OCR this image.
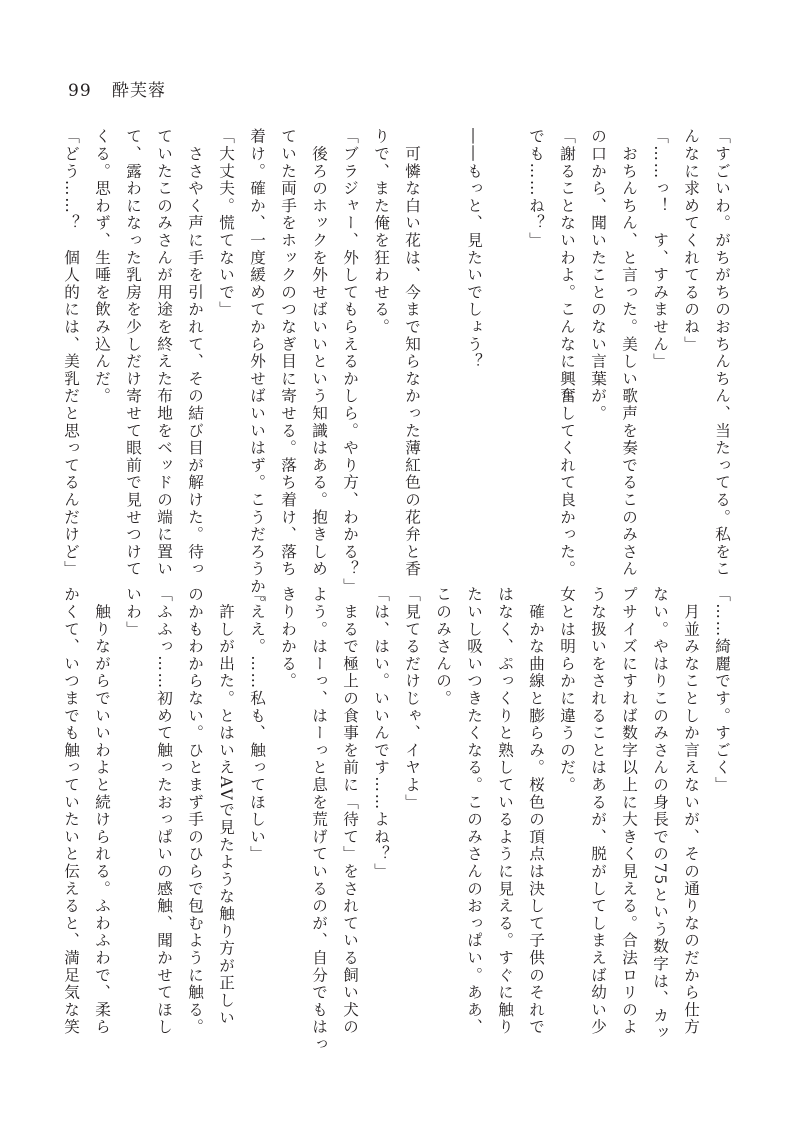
99 酔芙蓉
「すごいわ。がちがちのおちんちん、当たってる。私をこ
んなに求めてくれてるのね」
「……っ！　す、すみません」
　おちんちん、と言った。美しい歌声を奏でるこのみさん
の口から、聞いたことのない言葉が。
「謝ることないわよ。こんなに興奮してくれて良かった。
でも……ね？」

――もっと、見たいでしょう？

　可憐な白い花は、今まで知らなかった薄紅色の花弁と香
りで、また俺を狂わせる。
「ブラジャー、外してもらえるかしら。やり方、わかる？」
　後ろのホックを外せばいいという知識はある。抱きしめ
ていた両手をホックのつなぎ目に寄せる。落ち着け、落ち
着け。確か、一度緩めてから外せばいいはず。こうだろうか。
「大丈夫。慌てないで」
　ささやく声に手を引かれて、その結び目が解けた。待っ
ていたこのみさんが用途を終えた布地をベッドの端に置い
て、露わになった乳房を少しだけ寄せて眼前で見せつけて
くる。思わず、生唾を飲み込んだ。
「どう……？　個人的には、美乳だと思ってるんだけど」
「……綺麗です。すごく」
　月並みなことしか言えないが、その通りなのだから仕方
ない。やはりこのみさんの身長での75という数字は、カッ
プサイズにすれば数字以上に大きく見える。合法ロリのよ
うな扱いをされることはあるが、脱がしてしまえば幼い少
女とは明らかに違うのだ。
　確かな曲線と膨らみ。桜色の頂点は決して子供のそれで
はなく、ぷっくりと熟しているように見える。すぐに触り
たいし吸いつきたくなる。このみさんのおっぱい。ああ、
このみさんの。
「見てるだけじゃ、イヤよ」
「は、はい。いいんです……よね？」
　まるで極上の食事を前に「待て」をされている飼い犬の
よう。はーっ、はーっと息を荒げているのが、自分でもはっ
きりわかる。
「ええ。……私も、触ってほしい」
　許しが出た。とはいえAVで見たような触り方が正しい
のかもわからない。ひとまず手のひらで包むように触る。
「ふふっ……初めて触ったおっぱいの感触、聞かせてほし
いわ」
　触りながらでいいわよと続けられる。ふわふわで、柔ら
かくて、いつまでも触っていたいと伝えると、満足気な笑
